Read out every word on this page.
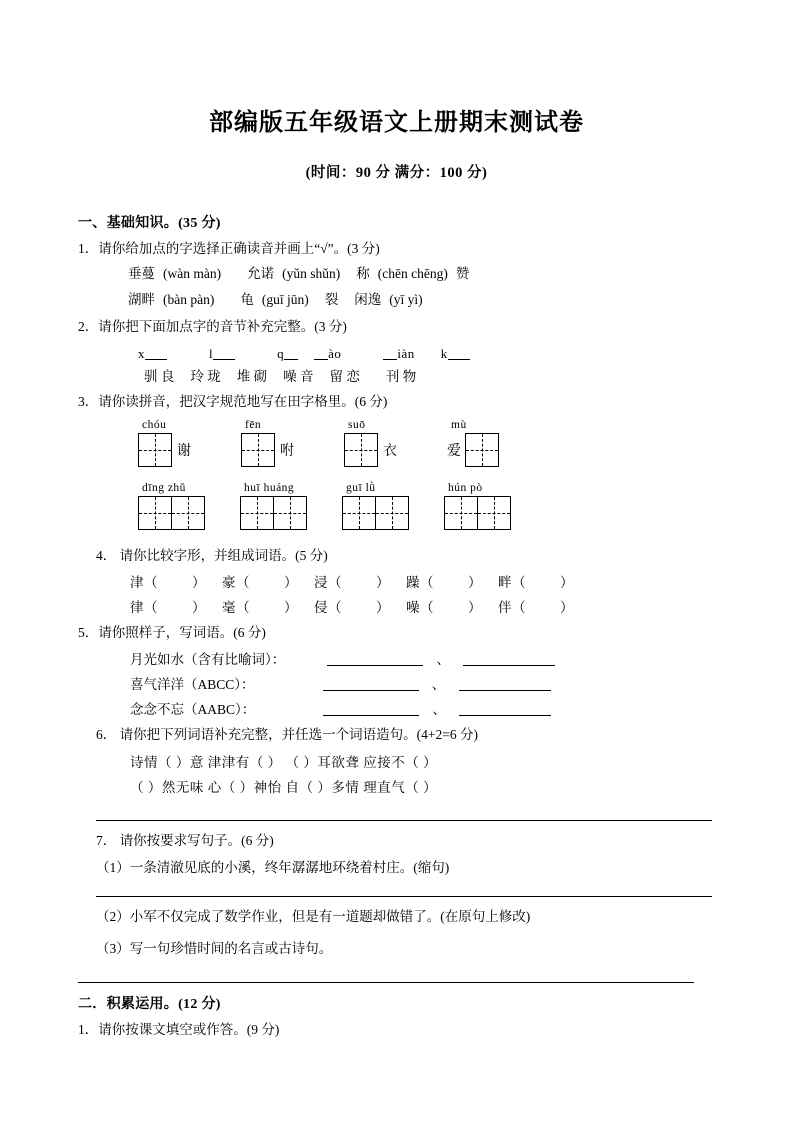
部编版五年级语文上册期末测试卷
(时间：90 分 满分：100 分)
一、基础知识。(35 分)
1．请你给加点的字选择正确读音并画上“√”。(3 分)
垂蔓 (wàn màn) 允诺 (yǔn shǔn) 称 (chēn chēng) 赞
湖畔 (bàn pàn) 龟 (guī jūn) 裂 闲逸 (yī yì)
2．请你把下面加点字的音节补充完整。(3 分)
x	l	q	ào	iàn k
驯 良 玲 珑 堆 砌 噪 音 留 恋 刊 物
3．请你读拼音，把汉字规范地写在田字格里。(6 分)
chóu
谢
fēn
咐
suō
衣
mù
爱
dīng zhǔ	huī huáng	guī lǜ	hún pò
4． 请你比较字形，并组成词语。(5 分)
津（	） 豪（	） 浸（	） 躁（	） 畔（	）
律（	） 毫（	） 侵（	） 噪（	） 伴（	）
5．请你照样子，写词语。(6 分)
月光如水（含有比喻词）：	、
喜气洋洋（ABCC）：	、
念念不忘（AABC）：	、
6． 请你把下列词语补充完整，并任选一个词语造句。(4+2=6 分)
诗情（ ）意 津津有（ ） （ ）耳欲聋 应接不（ ）
（ ）然无味 心（ ）神怡 自（ ）多情 理直气（ ）
7． 请你按要求写句子。(6 分)
（1）一条清澈见底的小溪，终年潺潺地环绕着村庄。(缩句)
（2）小军不仅完成了数学作业，但是有一道题却做错了。(在原句上修改)
（3）写一句珍惜时间的名言或古诗句。
二．积累运用。(12 分)
1．请你按课文填空或作答。(9 分)
